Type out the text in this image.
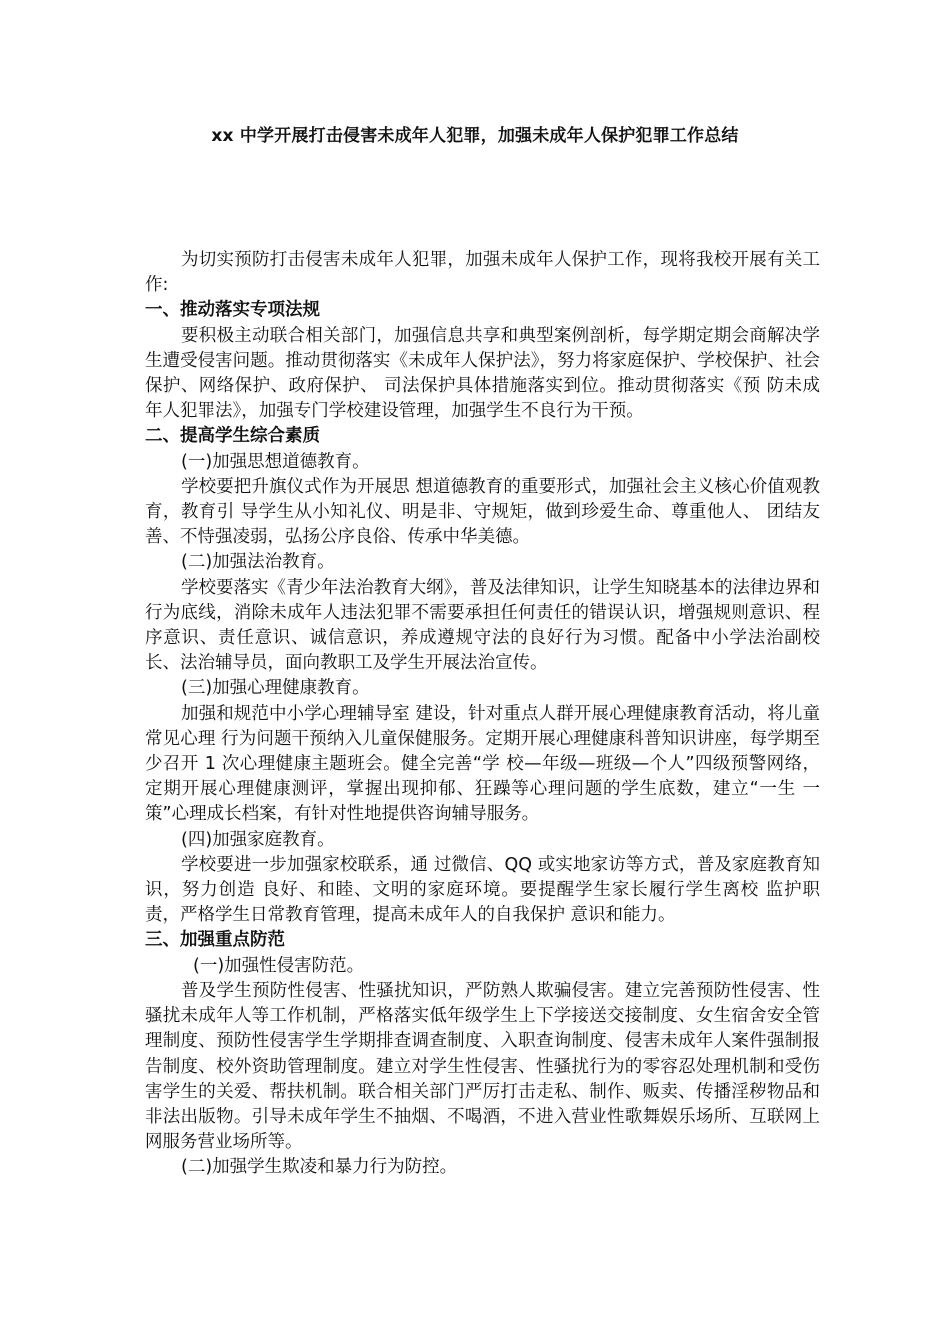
xx 中学开展打击侵害未成年人犯罪，加强未成年人保护犯罪工作总结

为切实预防打击侵害未成年人犯罪，加强未成年人保护工作，现将我校开展有关工作:

一、推动落实专项法规

要积极主动联合相关部门，加强信息共享和典型案例剖析，每学期定期会商解决学生遭受侵害问题。推动贯彻落实《未成年人保护法》，努力将家庭保护、学校保护、社会保护、网络保护、政府保护、 司法保护具体措施落实到位。推动贯彻落实《预 防未成年人犯罪法》，加强专门学校建设管理，加强学生不良行为干预。

二、提高学生综合素质

(一)加强思想道德教育。

学校要把升旗仪式作为开展思 想道德教育的重要形式，加强社会主义核心价值观教育，教育引 导学生从小知礼仪、明是非、守规矩，做到珍爱生命、尊重他人、 团结友善、不恃强凌弱，弘扬公序良俗、传承中华美德。

(二)加强法治教育。

学校要落实《青少年法治教育大纲》，普及法律知识，让学生知晓基本的法律边界和行为底线，消除未成年人违法犯罪不需要承担任何责任的错误认识，增强规则意识、程序意识、责任意识、诚信意识，养成遵规守法的良好行为习惯。配备中小学法治副校长、法治辅导员，面向教职工及学生开展法治宣传。

(三)加强心理健康教育。

加强和规范中小学心理辅导室 建设，针对重点人群开展心理健康教育活动，将儿童常见心理 行为问题干预纳入儿童保健服务。定期开展心理健康科普知识讲座，每学期至少召开 1 次心理健康主题班会。健全完善“学 校—年级—班级—个人”四级预警网络，定期开展心理健康测评，掌握出现抑郁、狂躁等心理问题的学生底数，建立“一生 一策”心理成长档案，有针对性地提供咨询辅导服务。

(四)加强家庭教育。

学校要进一步加强家校联系，通 过微信、QQ 或实地家访等方式，普及家庭教育知识，努力创造 良好、和睦、文明的家庭环境。要提醒学生家长履行学生离校 监护职责，严格学生日常教育管理，提高未成年人的自我保护 意识和能力。

三、加强重点防范

(一)加强性侵害防范。

普及学生预防性侵害、性骚扰知识，严防熟人欺骗侵害。建立完善预防性侵害、性骚扰未成年人等工作机制，严格落实低年级学生上下学接送交接制度、女生宿舍安全管理制度、预防性侵害学生学期排查调查制度、入职查询制度、侵害未成年人案件强制报告制度、校外资助管理制度。建立对学生性侵害、性骚扰行为的零容忍处理机制和受伤害学生的关爱、帮扶机制。联合相关部门严厉打击走私、制作、贩卖、传播淫秽物品和非法出版物。引导未成年学生不抽烟、不喝酒，不进入营业性歌舞娱乐场所、互联网上网服务营业场所等。

(二)加强学生欺凌和暴力行为防控。
